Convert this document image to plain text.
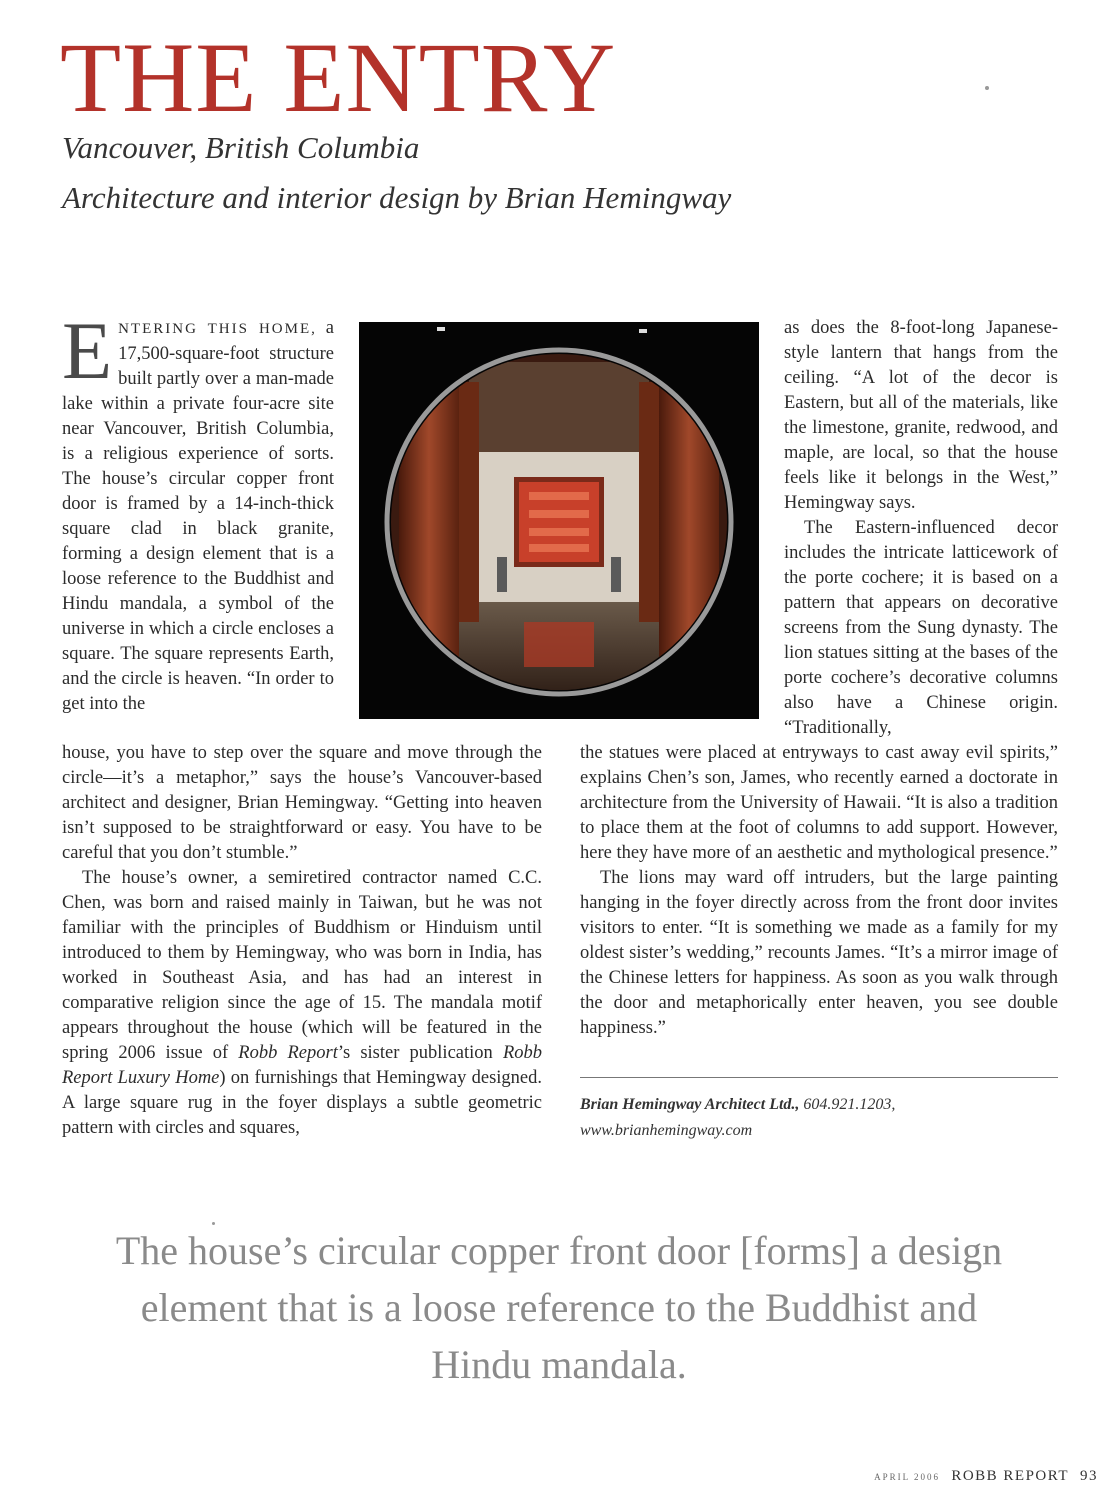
THE ENTRY
Vancouver, British Columbia
Architecture and interior design by Brian Hemingway

ENTERING THIS HOME, a 17,500-square-foot structure built partly over a man-made lake within a private four-acre site near Vancouver, British Columbia, is a religious experience of sorts. The house’s circular copper front door is framed by a 14-inch-thick square clad in black granite, forming a design element that is a loose reference to the Buddhist and Hindu mandala, a symbol of the universe in which a circle encloses a square. The square represents Earth, and the circle is heaven. “In order to get into the

house, you have to step over the square and move through the circle—it’s a metaphor,” says the house’s Vancouver-based architect and designer, Brian Hemingway. “Getting into heaven isn’t supposed to be straightforward or easy. You have to be careful that you don’t stumble.”

The house’s owner, a semiretired contractor named C.C. Chen, was born and raised mainly in Taiwan, but he was not familiar with the principles of Buddhism or Hinduism until introduced to them by Hemingway, who was born in India, has worked in Southeast Asia, and has had an interest in comparative religion since the age of 15. The mandala motif appears throughout the house (which will be featured in the spring 2006 issue of Robb Report’s sister publication Robb Report Luxury Home) on furnishings that Hemingway designed. A large square rug in the foyer displays a subtle geometric pattern with circles and squares,

as does the 8-foot-long Japanese-style lantern that hangs from the ceiling. “A lot of the decor is Eastern, but all of the materials, like the limestone, granite, redwood, and maple, are local, so that the house feels like it belongs in the West,” Hemingway says.

The Eastern-influenced decor includes the intricate latticework of the porte cochere; it is based on a pattern that appears on decorative screens from the Sung dynasty. The lion statues sitting at the bases of the porte cochere’s decorative columns also have a Chinese origin. “Traditionally,

the statues were placed at entryways to cast away evil spirits,” explains Chen’s son, James, who recently earned a doctorate in architecture from the University of Hawaii. “It is also a tradition to place them at the foot of columns to add support. However, here they have more of an aesthetic and mythological presence.”

The lions may ward off intruders, but the large painting hanging in the foyer directly across from the front door invites visitors to enter. “It is something we made as a family for my oldest sister’s wedding,” recounts James. “It’s a mirror image of the Chinese letters for happiness. As soon as you walk through the door and metaphorically enter heaven, you see double happiness.”

Brian Hemingway Architect Ltd., 604.921.1203,
www.brianhemingway.com
The house’s circular copper front door [forms] a design element that is a loose reference to the Buddhist and Hindu mandala.
APRIL 2006 ROBB REPORT 93
